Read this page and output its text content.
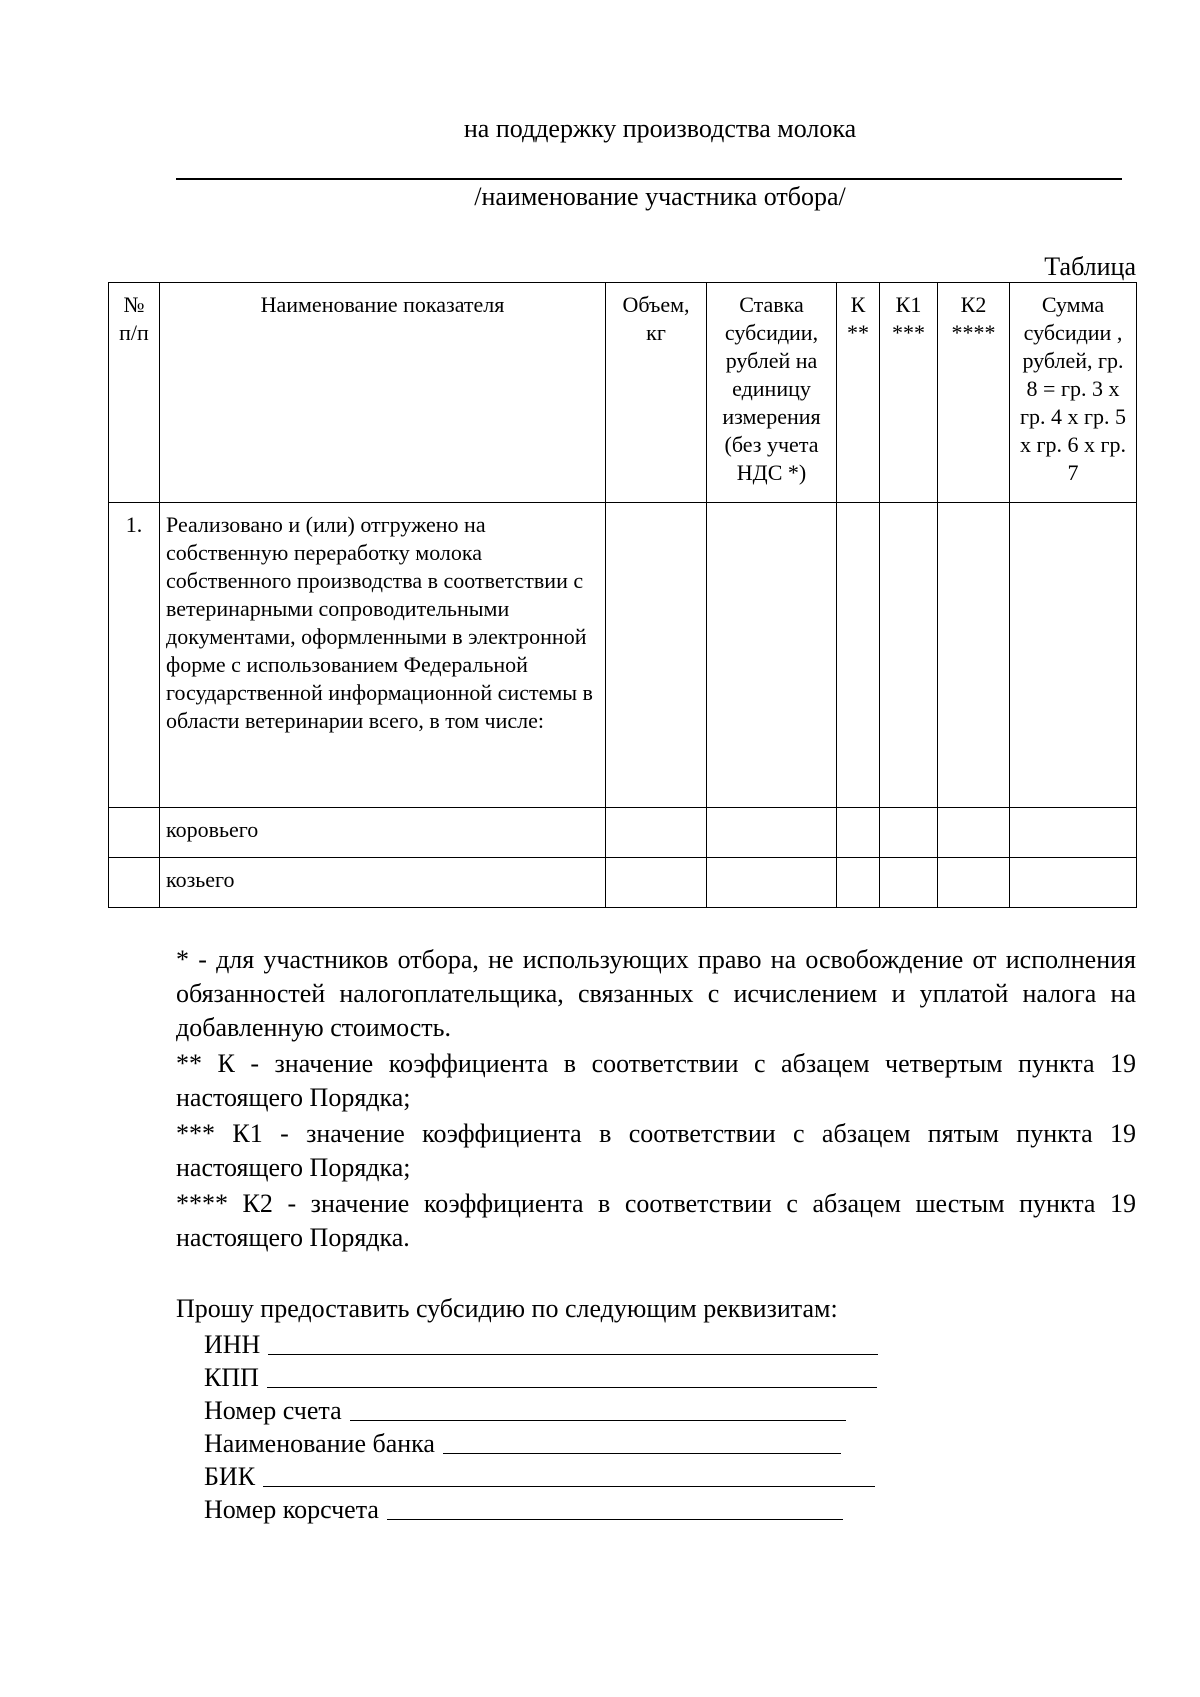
на поддержку производства молока
/наименование участника отбора/
Таблица
№ п/п	Наименование показателя	Объем, кг	Ставка субсидии, рублей на единицу измерения (без учета НДС *)	К **	К1 ***	К2 ****	Сумма субсидии , рублей, гр. 8 = гр. 3 х гр. 4 х гр. 5 х гр. 6 х гр. 7
1.	Реализовано и (или) отгружено на собственную переработку молока собственного производства в соответствии с ветеринарными сопроводительными документами, оформленными в электронной форме с использованием Федеральной государственной информационной системы в области ветеринарии всего, в том числе:						
	коровьего						
	козьего						

* - для участников отбора, не использующих право на освобождение от исполнения обязанностей налогоплательщика, связанных с исчислением и уплатой налога на добавленную стоимость.

** К - значение коэффициента в соответствии с абзацем четвертым пункта 19 настоящего Порядка;

*** К1 - значение коэффициента в соответствии с абзацем пятым пункта 19 настоящего Порядка;

**** К2 - значение коэффициента в соответствии с абзацем шестым пункта 19 настоящего Порядка.

Прошу предоставить субсидию по следующим реквизитам:
ИНН
КПП
Номер счета
Наименование банка
БИК
Номер корсчета
